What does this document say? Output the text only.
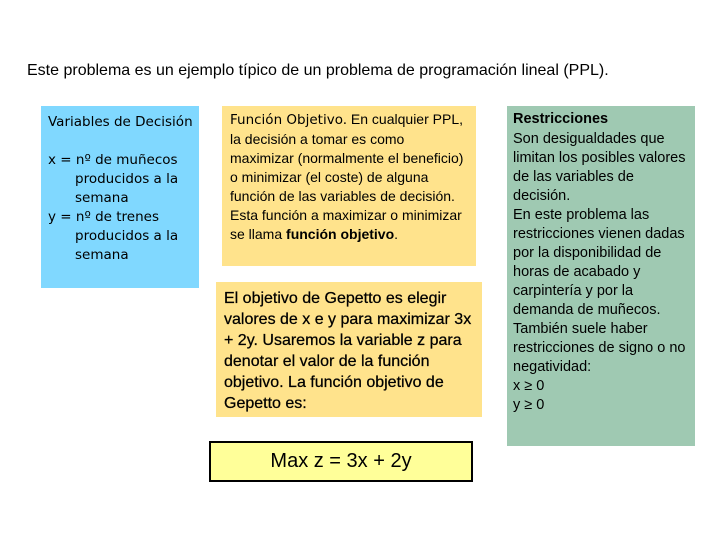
Este problema es un ejemplo típico de un problema de programación lineal (PPL).
Variables de Decisión
x = nº de muñecos producidos a la semana
y = nº de trenes producidos a la semana
Función Objetivo. En cualquier PPL, la decisión a tomar es como maximizar (normalmente el beneficio) o minimizar (el coste) de alguna función de las variables de decisión. Esta función a maximizar o minimizar se llama función objetivo.
El objetivo de Gepetto es elegir valores de x e y para maximizar 3x + 2y. Usaremos la variable z para denotar el valor de la función objetivo. La función objetivo de Gepetto es:
Max z = 3x + 2y
Restricciones
Son desigualdades que limitan los posibles valores de las variables de decisión.
En este problema las restricciones vienen dadas por la disponibilidad de horas de acabado y carpintería y por la demanda de muñecos.
También suele haber restricciones de signo o no negatividad:
x ≥ 0
y ≥ 0
